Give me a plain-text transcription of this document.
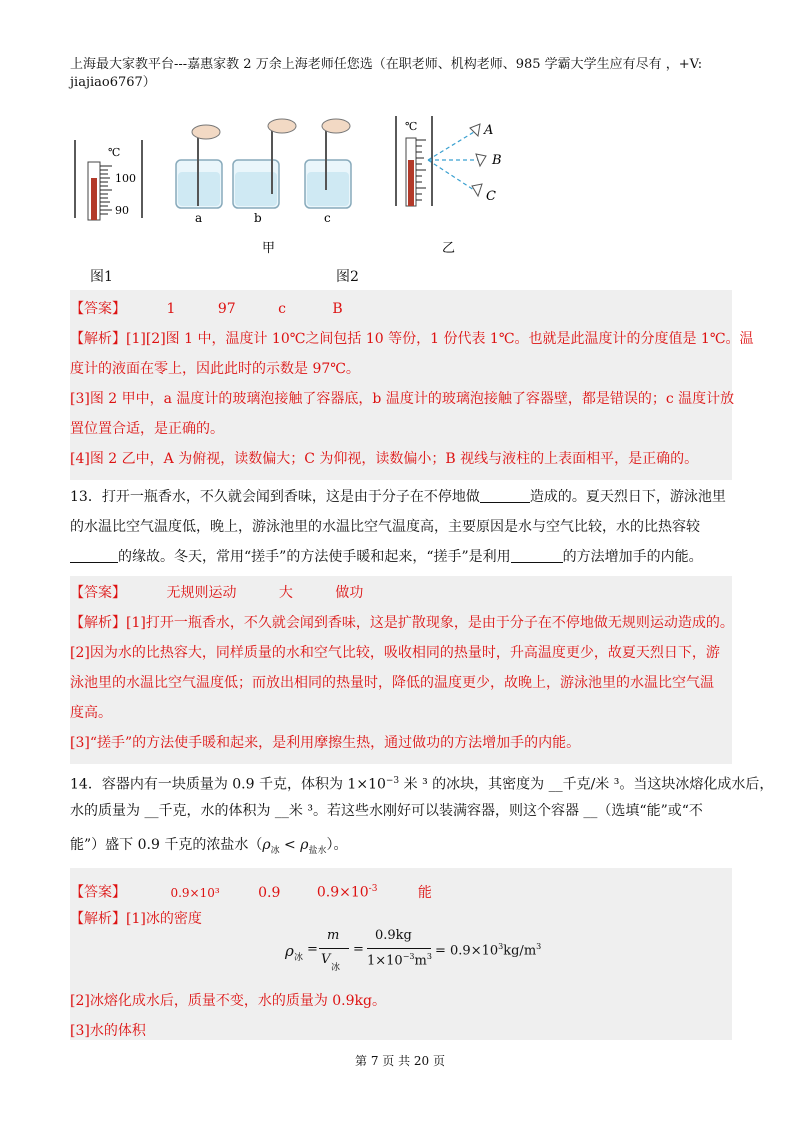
上海最大家教平台---嘉惠家教 2 万余上海老师任您选（在职老师、机构老师、985 学霸大学生应有尽有 ，+V:
jiajiao6767）
℃
100
90
a	b	c
甲
℃	A
B
C
乙
图1	图2
【答案】	1	97	c	B
【解析】[1][2]图 1 中，温度计 10℃之间包括 10 等份，1 份代表 1℃。也就是此温度计的分度值是 1℃。温
度计的液面在零上，因此此时的示数是 97℃。
[3]图 2 甲中，a 温度计的玻璃泡接触了容器底，b 温度计的玻璃泡接触了容器壁，都是错误的；c 温度计放
置位置合适，是正确的。
[4]图 2 乙中，A 为俯视，读数偏大；C 为仰视，读数偏小；B 视线与液柱的上表面相平，是正确的。
13．打开一瓶香水，不久就会闻到香味，这是由于分子在不停地做	造成的。夏天烈日下，游泳池里
的水温比空气温度低，晚上，游泳池里的水温比空气温度高，主要原因是水与空气比较，水的比热容较
的缘故。冬天，常用“搓手”的方法使手暖和起来，“搓手”是利用	的方法增加手的内能。
【答案】	无规则运动	大	做功
【解析】[1]打开一瓶香水，不久就会闻到香味，这是扩散现象，是由于分子在不停地做无规则运动造成的。
[2]因为水的比热容大，同样质量的水和空气比较，吸收相同的热量时，升高温度更少，故夏天烈日下，游
泳池里的水温比空气温度低；而放出相同的热量时，降低的温度更少，故晚上，游泳池里的水温比空气温
度高。
[3]“搓手”的方法使手暖和起来，是利用摩擦生热，通过做功的方法增加手的内能。
14．容器内有一块质量为 0.9 千克，体积为 $1\times 10^{-3}$ 米 ³ 的冰块，其密度为 __千克/米 ³。当这块冰熔化成水后，
水的质量为 __千克，水的体积为 __米 ³。若这些水刚好可以装满容器，则这个容器 __（选填“能”或“不
能”）盛下 0.9 千克的浓盐水$(\rho_冰 < \rho_{盐水})$。
【答案】	0.9×10³	0.9	$0.9\times 10^{-3}$	能
【解析】[1]冰的密度
[2]冰熔化成水后，质量不变，水的质量为 0.9kg。
[3]水的体积
ρ 冰
=
m
V
冰
=
0.9kg
$1\times 10^{-3}m^3 = 0.9\times 10^3kg/m^3$
第 7 页 共 20 页
